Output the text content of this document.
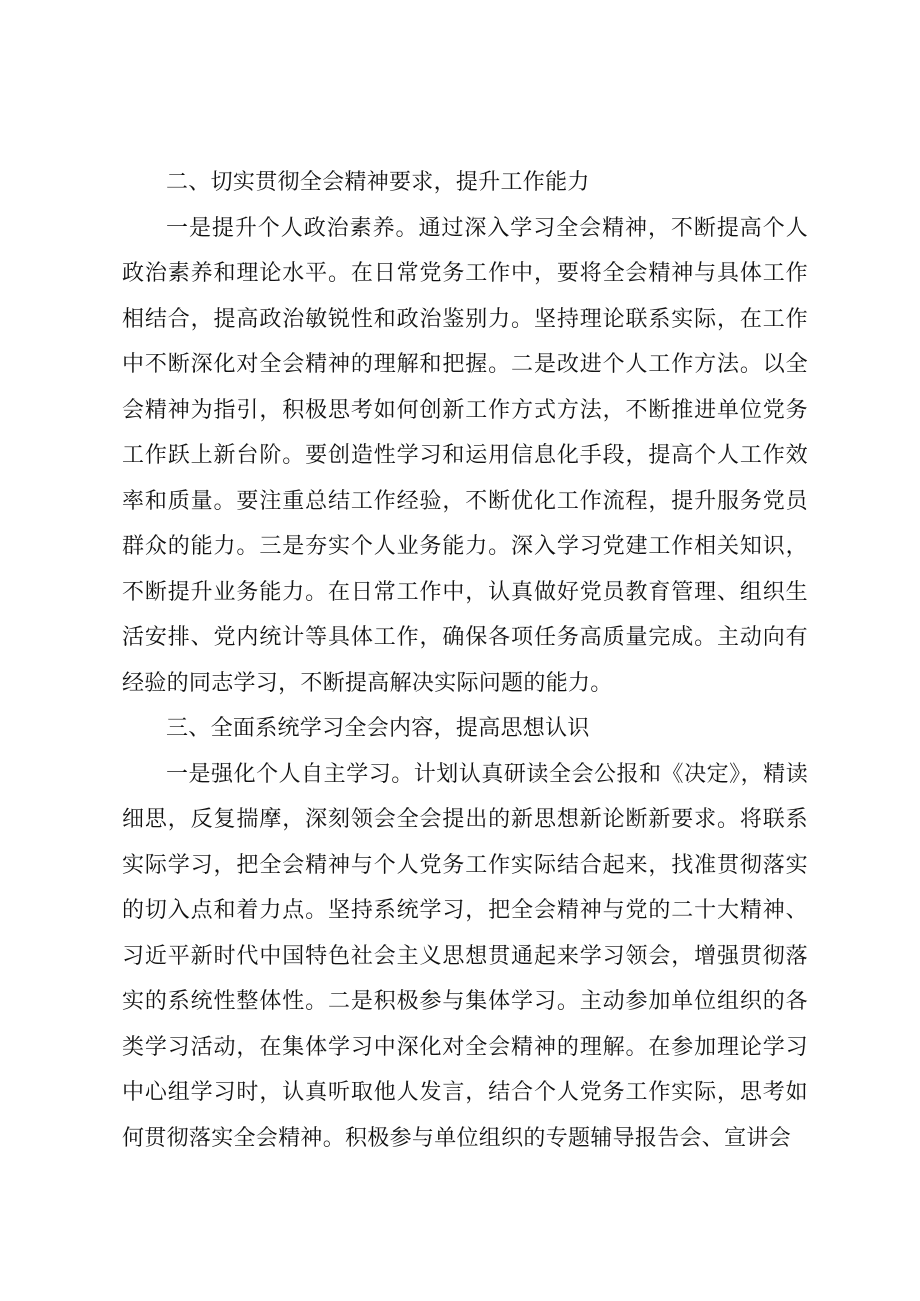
二、切实贯彻全会精神要求，提升工作能力

一是提升个人政治素养。通过深入学习全会精神，不断提高个人政治素养和理论水平。在日常党务工作中，要将全会精神与具体工作相结合，提高政治敏锐性和政治鉴别力。坚持理论联系实际，在工作中不断深化对全会精神的理解和把握。二是改进个人工作方法。以全会精神为指引，积极思考如何创新工作方式方法，不断推进单位党务工作跃上新台阶。要创造性学习和运用信息化手段，提高个人工作效率和质量。要注重总结工作经验，不断优化工作流程，提升服务党员群众的能力。三是夯实个人业务能力。深入学习党建工作相关知识，不断提升业务能力。在日常工作中，认真做好党员教育管理、组织生活安排、党内统计等具体工作，确保各项任务高质量完成。主动向有经验的同志学习，不断提高解决实际问题的能力。

三、全面系统学习全会内容，提高思想认识

一是强化个人自主学习。计划认真研读全会公报和《决定》，精读细思，反复揣摩，深刻领会全会提出的新思想新论断新要求。将联系实际学习，把全会精神与个人党务工作实际结合起来，找准贯彻落实的切入点和着力点。坚持系统学习，把全会精神与党的二十大精神、习近平新时代中国特色社会主义思想贯通起来学习领会，增强贯彻落实的系统性整体性。二是积极参与集体学习。主动参加单位组织的各类学习活动，在集体学习中深化对全会精神的理解。在参加理论学习中心组学习时，认真听取他人发言，结合个人党务工作实际，思考如何贯彻落实全会精神。积极参与单位组织的专题辅导报告会、宣讲会
